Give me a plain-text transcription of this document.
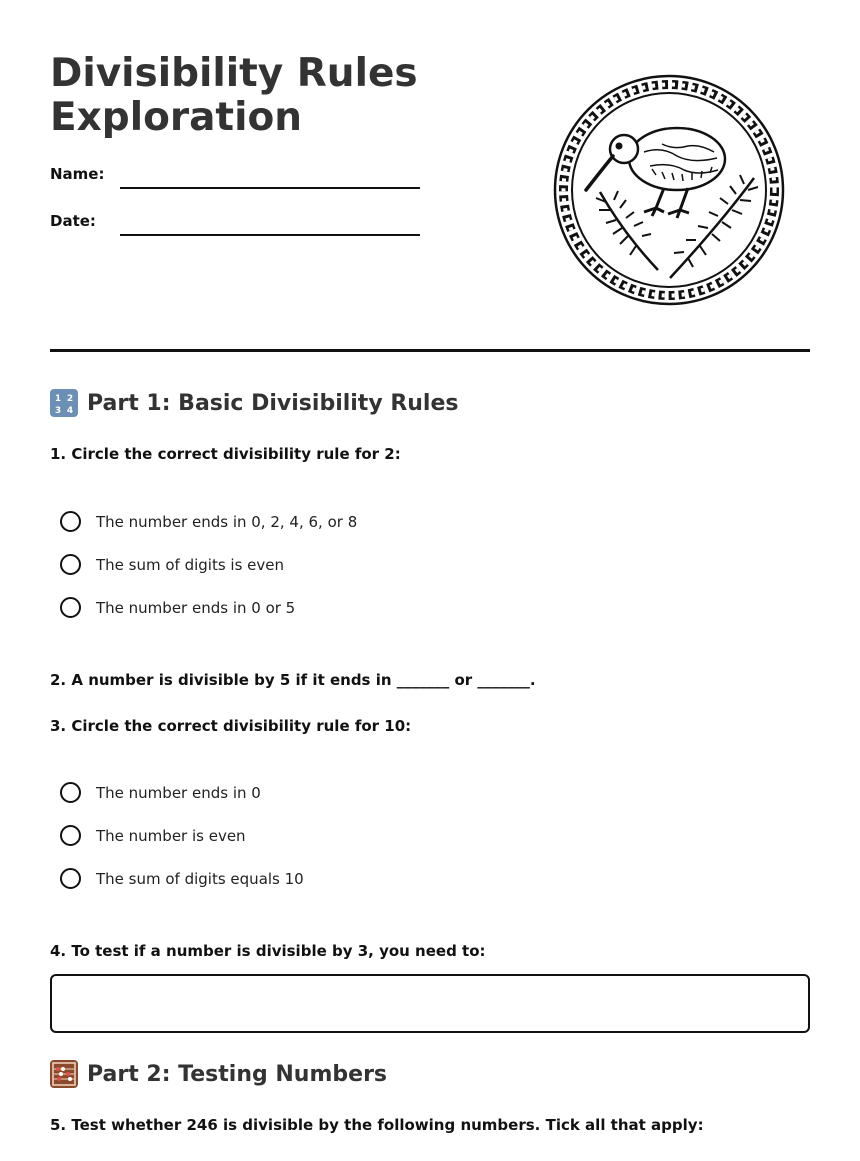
Divisibility Rules
Exploration
Name:
Date:
1 2
3 4 Part 1: Basic Divisibility Rules
1. Circle the correct divisibility rule for 2:
The number ends in 0, 2, 4, 6, or 8
The sum of digits is even
The number ends in 0 or 5
2. A number is divisible by 5 if it ends in _______ or _______.
3. Circle the correct divisibility rule for 10:
The number ends in 0
The number is even
The sum of digits equals 10
4. To test if a number is divisible by 3, you need to:
Part 2: Testing Numbers
5. Test whether 246 is divisible by the following numbers. Tick all that apply:
